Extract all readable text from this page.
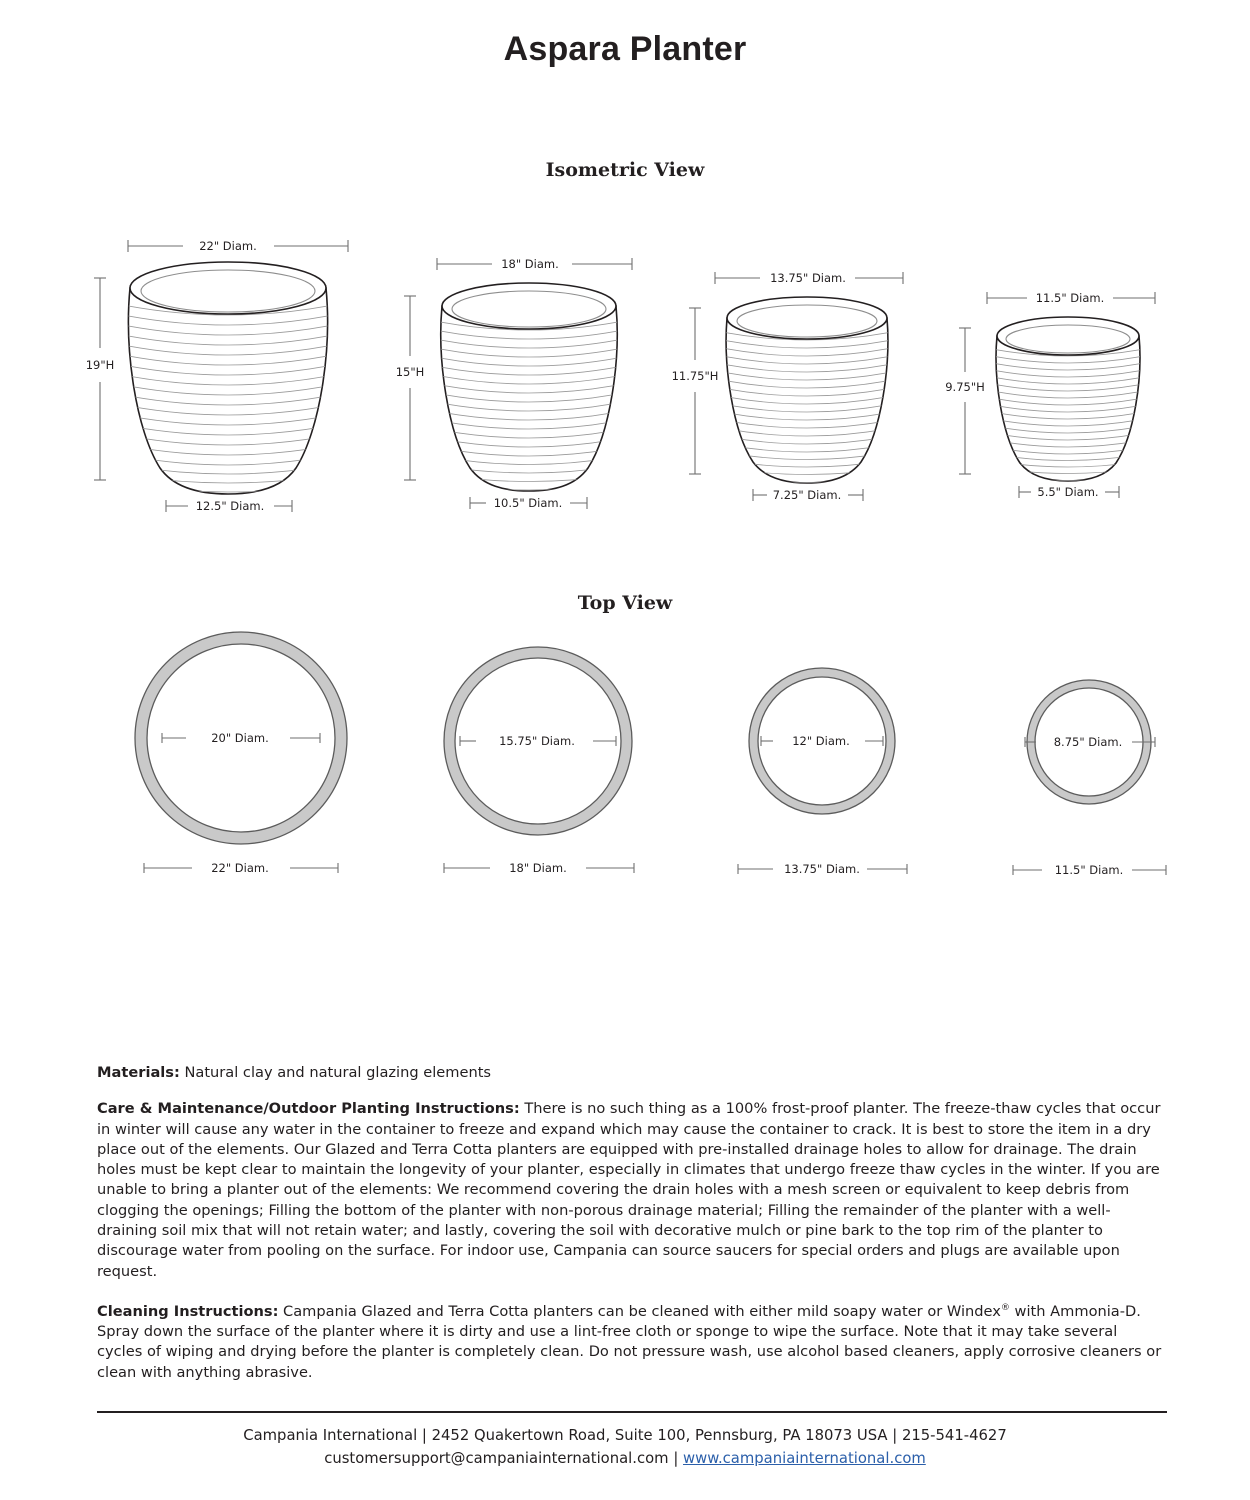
Aspara Planter
Isometric View
22" Diam.
19"H
12.5" Diam.
18" Diam.
15"H
10.5" Diam.
13.75" Diam.
11.75"H
7.25" Diam.
11.5" Diam.
9.75"H
5.5" Diam.
Top View
20" Diam.
22" Diam.
15.75" Diam.
18" Diam.
12" Diam.
13.75" Diam.
8.75" Diam.
11.5" Diam.

Materials: Natural clay and natural glazing elements

Care & Maintenance/Outdoor Planting Instructions: There is no such thing as a 100% frost-proof planter. The freeze-thaw cycles that occur in winter will cause any water in the container to freeze and expand which may cause the container to crack. It is best to store the item in a dry place out of the elements. Our Glazed and Terra Cotta planters are equipped with pre-installed drainage holes to allow for drainage. The drain holes must be kept clear to maintain the longevity of your planter, especially in climates that undergo freeze thaw cycles in the winter. If you are unable to bring a planter out of the elements: We recommend covering the drain holes with a mesh screen or equivalent to keep debris from clogging the openings; Filling the bottom of the planter with non-porous drainage material; Filling the remainder of the planter with a well-draining soil mix that will not retain water; and lastly, covering the soil with decorative mulch or pine bark to the top rim of the planter to discourage water from pooling on the surface. For indoor use, Campania can source saucers for special orders and plugs are available upon request.

Cleaning Instructions: Campania Glazed and Terra Cotta planters can be cleaned with either mild soapy water or Windex® with Ammonia-D. Spray down the surface of the planter where it is dirty and use a lint-free cloth or sponge to wipe the surface. Note that it may take several cycles of wiping and drying before the planter is completely clean. Do not pressure wash, use alcohol based cleaners, apply corrosive cleaners or clean with anything abrasive.

Campania International | 2452 Quakertown Road, Suite 100, Pennsburg, PA 18073 USA | 215-541-4627
customersupport@campaniainternational.com | www.campaniainternational.com
